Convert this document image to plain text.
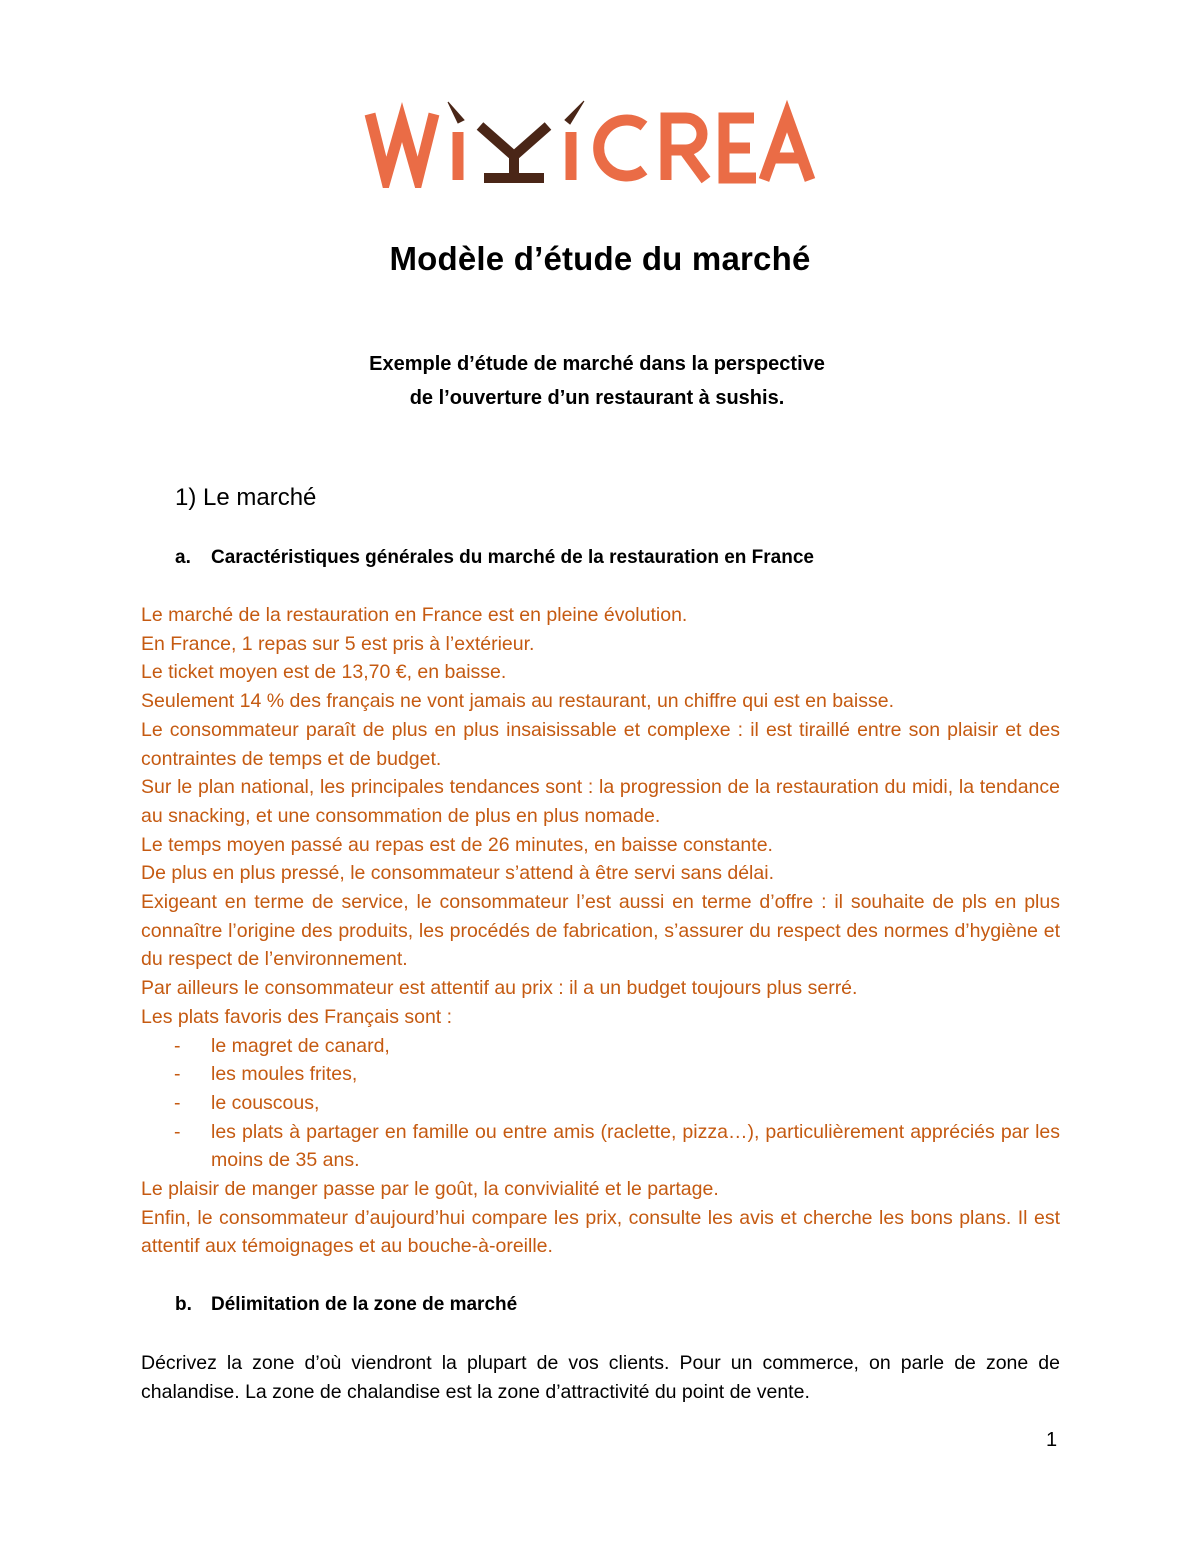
Modèle d’étude du marché
Exemple d’étude de marché dans la perspective
de l’ouverture d’un restaurant à sushis.
1) Le marché
a. Caractéristiques générales du marché de la restauration en France

Le marché de la restauration en France est en pleine évolution.

En France, 1 repas sur 5 est pris à l’extérieur.

Le ticket moyen est de 13,70 €, en baisse.

Seulement 14 % des français ne vont jamais au restaurant, un chiffre qui est en baisse.

Le consommateur paraît de plus en plus insaisissable et complexe : il est tiraillé entre son plaisir et des contraintes de temps et de budget.

Sur le plan national, les principales tendances sont : la progression de la restauration du midi, la tendance au snacking, et une consommation de plus en plus nomade.

Le temps moyen passé au repas est de 26 minutes, en baisse constante.

De plus en plus pressé, le consommateur s’attend à être servi sans délai.

Exigeant en terme de service, le consommateur l’est aussi en terme d’offre : il souhaite de pls en plus connaître l’origine des produits, les procédés de fabrication, s’assurer du respect des normes d’hygiène et du respect de l’environnement.

Par ailleurs le consommateur est attentif au prix : il a un budget toujours plus serré.

Les plats favoris des Français sont :

- le magret de canard,
- les moules frites,
- le couscous,
- les plats à partager en famille ou entre amis (raclette, pizza…), particulièrement appréciés par les moins de 35 ans.

Le plaisir de manger passe par le goût, la convivialité et le partage.

Enfin, le consommateur d’aujourd’hui compare les prix, consulte les avis et cherche les bons plans. Il est attentif aux témoignages et au bouche-à-oreille.

b. Délimitation de la zone de marché

Décrivez la zone d’où viendront la plupart de vos clients. Pour un commerce, on parle de zone de chalandise. La zone de chalandise est la zone d’attractivité du point de vente.

1
